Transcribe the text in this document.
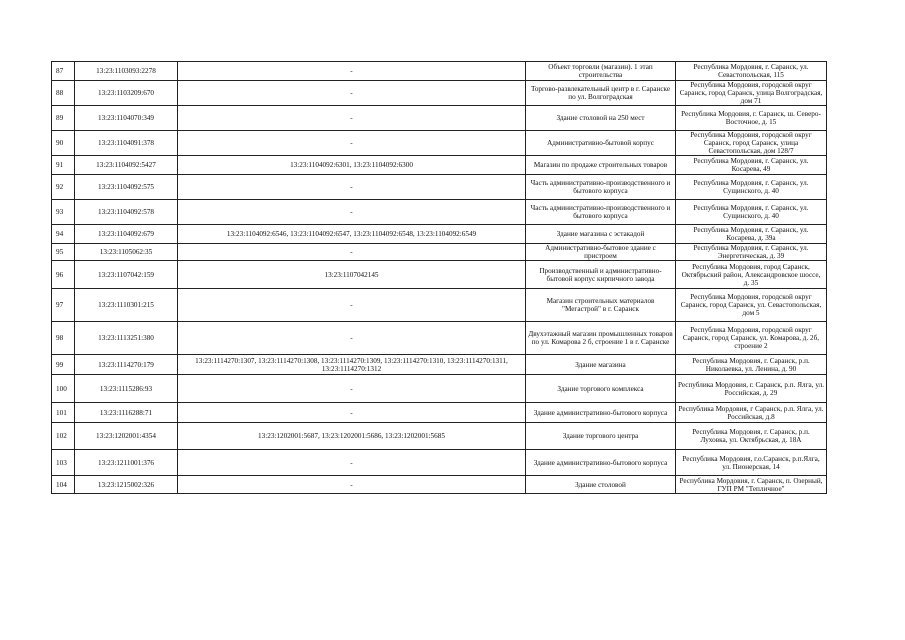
87	13:23:1103093:2278	-	Объект торговли (магазин). 1 этап строительства	Республика Мордовия, г. Саранск, ул. Севастопольская, 115
88	13:23:1103209:670	-	Торгово-развлекательный центр в г. Саранске по ул. Волгоградская	Республика Мордовия, городской округ Саранск, город Саранск, улица Волгоградская, дом 71
89	13:23:1104070:349	-	Здание столовой на 250 мест	Республика Мордовия, г. Саранск, ш. Северо-Восточное, д. 15
90	13:23:1104091:378	-	Административно-бытовой корпус	Республика Мордовия, городской округ Саранск, город Саранск, улица Севастопольская, дом 128/7
91	13:23:1104092:5427	13:23:1104092:6301, 13:23:1104092:6300	Магазин по продаже строительных товаров	Республика Мордовия, г. Саранск, ул. Косарева, 49
92	13:23:1104092:575	-	Часть административно-производственного и бытового корпуса	Республика Мордовия, г. Саранск, ул. Сущинского, д. 40
93	13:23:1104092:578	-	Часть административно-производственного и бытового корпуса	Республика Мордовия, г. Саранск, ул. Сущинского, д. 40
94	13:23:1104092:679	13:23:1104092:6546, 13:23:1104092:6547, 13:23:1104092:6548, 13:23:1104092:6549	Здание магазина с эстакадой	Республика Мордовия, г. Саранск, ул. Косарева, д. 39а
95	13:23:1105062:35	-	Административно-бытовое здание с пристроем	Республика Мордовия, г. Саранск, ул. Энергетическая, д. 39
96	13:23:1107042:159	13:23:1107042145	Производственный и административно-бытовой корпус кирпичного завода	Республика Мордовия, город Саранск, Октябрьский район, Александровское шоссе, д. 35
97	13:23:1110301:215	-	Магазин строительных материалов "Мегастрой" в г. Саранск	Республика Мордовия, городской округ Саранск, город Саранск, ул. Севастопольская, дом 5
98	13:23:1113251:380	-	Двухэтажный магазин промышленных товаров по ул. Комарова 2 б, строение 1 в г. Саранске	Республика Мордовия, городской округ Саранск, город Саранск, ул. Комарова, д. 2б, строение 2
99	13:23:1114270:179	13:23:1114270:1307, 13:23:1114270:1308, 13:23:1114270:1309, 13:23:1114270:1310, 13:23:1114270:1311, 13:23:1114270:1312	Здание магазина	Республика Мордовия, г. Саранск, р.п. Николаевка, ул. Ленина, д. 90
100	13:23:1115286:93	-	Здание торгового комплекса	Республика Мордовия, г. Саранск, р.п. Ялга, ул. Российская, д. 29
101	13:23:1116288:71	-	Здание административно-бытового корпуса	Республика Мордовия, г Саранск, р.п. Ялга, ул. Российская, д.8
102	13:23:1202001:4354	13:23:1202001:5687, 13:23:1202001:5686, 13:23:1202001:5685	Здание торгового центра	Республика Мордовия, г. Саранск, р.п. Луховка, ул. Октябрьская, д. 18А
103	13:23:1211001:376	-	Здание административно-бытового корпуса	Республика Мордовия, г.о.Саранск, р.п.Ялга, ул. Пионерская, 14
104	13:23:1215002:326	-	Здание столовой	Республика Мордовия, г. Саранск, п. Озерный, ГУП РМ "Тепличное"
